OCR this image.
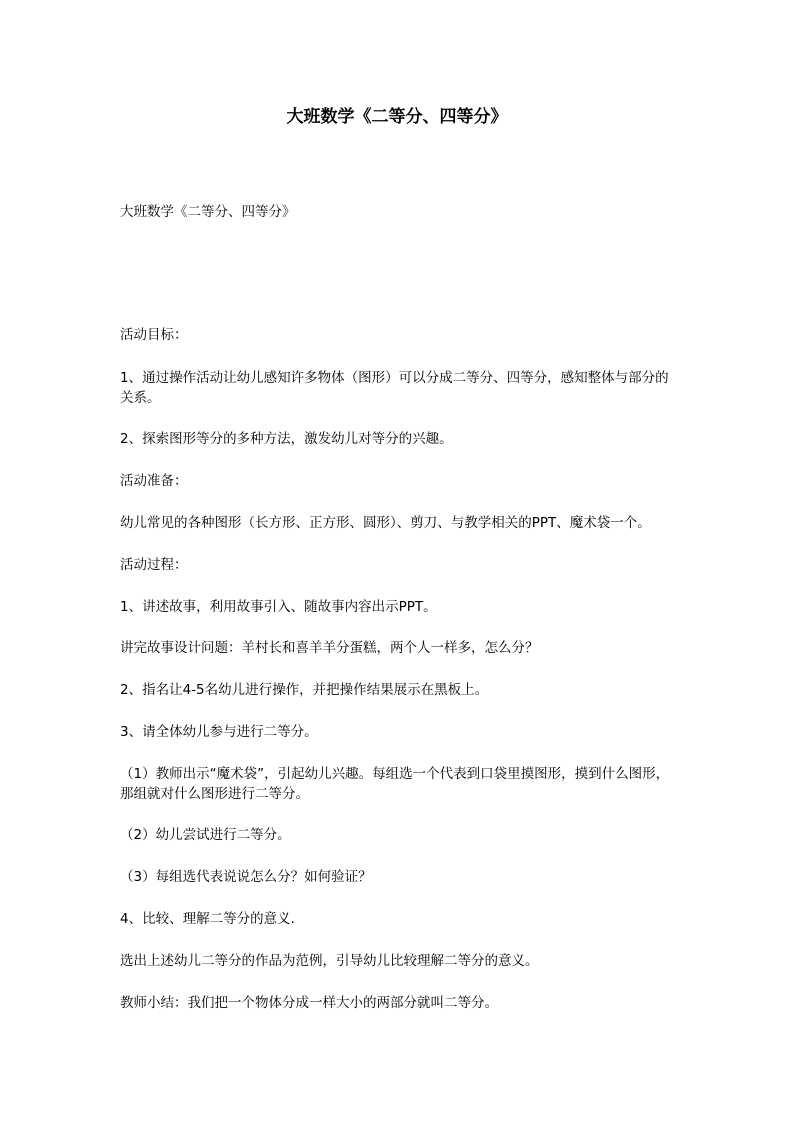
大班数学《二等分、四等分》

大班数学《二等分、四等分》

活动目标：

1、通过操作活动让幼儿感知许多物体（图形）可以分成二等分、四等分，感知整体与部分的关系。

2、探索图形等分的多种方法，激发幼儿对等分的兴趣。

活动准备：

幼儿常见的各种图形（长方形、正方形、圆形）、剪刀、与教学相关的PPT、魔术袋一个。

活动过程：

1、讲述故事，利用故事引入、随故事内容出示PPT。

讲完故事设计问题：羊村长和喜羊羊分蛋糕，两个人一样多，怎么分？

2、指名让4-5名幼儿进行操作，并把操作结果展示在黑板上。

3、请全体幼儿参与进行二等分。

（1）教师出示“魔术袋”，引起幼儿兴趣。每组选一个代表到口袋里摸图形，摸到什么图形，那组就对什么图形进行二等分。

（2）幼儿尝试进行二等分。

（3）每组选代表说说怎么分？如何验证？

4、比较、理解二等分的意义.

选出上述幼儿二等分的作品为范例，引导幼儿比较理解二等分的意义。

教师小结：我们把一个物体分成一样大小的两部分就叫二等分。
